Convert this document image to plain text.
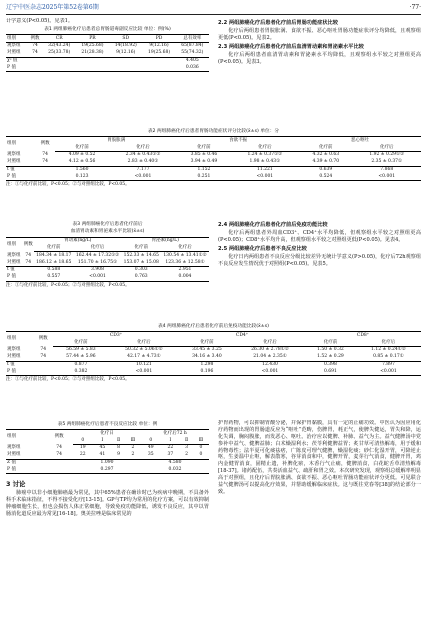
辽宁中医杂志2025年第52卷第6期	·77·

计学意义(P<0.05)。见表1。

表1 两组肺癌化疗后患者总胃肠道毒副反应比较 单位：例(%)
组别	例数	CR	PR	SD	PD	总有效率
观察组	74	32(43.24)	19(25.68)	14(18.92)	9(12.16)	65(87.84)
对照组	74	25(33.78)	21(28.38)	9(12.16)	19(25.68)	55(74.32)
χ² 值						4.405
P 值						0.036

2.2 两组肺癌化疗后患者化疗前后胃肠功能症状比较

化疗后两组患者胃脘胀满、食欲不振、恶心呕吐胃肠功能症状评分均降低，且观察组更低(P<0.05)。见表2。

2.3 两组肺癌化疗后患者化疗前后血清胃动素和胃泌素水平比较

化疗后两组患者血清胃动素和胃泌素水平均降低，且观察组水平较之对照组更高(P<0.05)。见表3。

表2 两组肺癌化疗后患者胃肠功能症状评分比较(x̄±s) 单位：分
组别	例数	胃脘胀满		食欲不振		恶心呕吐	
		化疗前	化疗后	化疗前	化疗后	化疗前	化疗后
观察组	74	4.09 ± 0.52	2.34 ± 0.43①②	3.85 ± 0.46	1.24 ± 0.37①②	4.32 ± 0.63	1.92 ± 0.29①②
对照组	74	4.12 ± 0.56	2.83 ± 0.40①	3.94 ± 0.49	1.98 ± 0.43①	4.39 ± 0.70	2.35 ± 0.37①
t 值		1.560	7.177	1.152	11.221	0.639	7.868
P 值		0.123	<0.001	0.251	<0.001	0.524	<0.001
注：①与化疗前比较，P<0.05；②与对照组比较，P<0.05。
表3 两组肺癌化疗后患者化疗前后
血清胃动素和胃泌素水平比较(x̄±s)
组别	例数	胃动素(ng/L)		胃泌素(ng/L)	
		化疗前	化疗后	化疗前	化疗后
观察组	74	184.34 ± 18.17	162.44 ± 17.32①②	152.33 ± 14.65	130.54 ± 13.41①②
对照组	74	186.12 ± 18.65	151.70 ± 16.75①	153.07 ± 15.08	123.36 ± 12.58①
t 值		0.588	3.908	0.303	2.951
P 值		0.557	<0.001	0.763	0.004
注：①与化疗前比较，P<0.05；②与对照组比较，P<0.05。

2.4 两组肺癌化疗后患者化疗前后免疫功能比较

化疗后两组患者外周血CD3⁺、CD4⁺水平均降低，但观察组水平较之对照组更高(P<0.05)；CD8⁺水平均升高，但观察组水平较之对照组更低(P<0.05)。见表4。

2.5 两组肺癌化疗后患者不良反应比较

化疗日内两组患者不良反应分级比较差异无统计学意义(P>0.05)，化疗后72h观察组不良反应发生情况优于对照组(P<0.05)。见表5。

表4 两组肺癌化疗后患者化疗前后免疫功能比较(x̄±s)
组别	例数	CD3⁺		CD4⁺		CD8⁺	
		化疗前	化疗后	化疗前	化疗后	化疗前	化疗后
观察组	74	56.59 ± 5.83	50.32 ± 5.06①②	33.45 ± 3.25	26.30 ± 2.78①②	1.50 ± 0.32	1.12 ± 0.24①②
对照组	74	57.44 ± 5.96	42.17 ± 4.73①	34.16 ± 3.40	21.04 ± 2.35①	1.52 ± 0.29	0.85 ± 0.17①
t 值		0.877	10.121	1.298	12.430	0.398	7.897
P 值		0.382	<0.001	0.196	<0.001	0.691	<0.001
注：①与化疗前比较，P<0.05；②与对照组比较，P<0.05。
表5 两组肺癌化疗后患者不良反应比较 单位：例
组别	例数	化疗日				化疗后72 h			
		0	Ⅰ	Ⅱ	Ⅲ	0	Ⅰ	Ⅱ	Ⅲ
观察组	74	19	45	8	2	49	22	3	0
对照组	74	22	41	9	2	35	37	2	0
Z 值		1.090				4.580			
P 值		0.297				0.032			

3 讨论

肺癌中以非小细胞肺癌最为常见，其中65%患者在确诊时已为疾病中晚期，不具备外科手术临床指征，不得不接受化疗[13-15]。GP与TP均为常用的化疗方案，可以有效抑制肿瘤细胞生长，但也会损伤人体正常细胞，导致免疫功能降低，诱发不良反应，其中以胃肠消化道反应最为常见[16-18]。奥美拉唑是临床常见的

护胃药物，可以抑制胃酸分泌，并保护胃黏膜，具有一定的止痛功效。中医认为因应用化疗药物而出现的胃肠道反应为“呕吐”范畴，伤脾胃，耗正气，使脾失健运，胃失和降，运化失调，胸闷腹胀，而发恶心、呕吐。治疗应以健脾、补肺、益气为主。益气健脾汤中党参补中益气、健脾益肺；白术燥湿利水；茯苓利健脾益胃；炙甘草可清热解毒，用于缓和药物毒性；法半夏可化痰祛痞，广陈皮可理气健脾，燥湿化痰；砂仁化湿开胃，可降逆止呕，生姜温中止呕，解表散寒，谷芽消食和中，健脾开胃，麦芽行气消食，健脾开胃，鸡内金健胃消食，固精止遗，补脾化瘀，木香行气止痛，健脾消食，白花蛇舌草清热解毒[18-37]。诸药配伍，共奏活血益气、疏肝和胃之效。本次研究发现，观察组总缓解率明显高于对照组，且化疗后胃脘胀满、食欲不振、恶心呕吐胃肠功能症状评分更低。可见联合益气健脾汤可以提高化疗效果，并帮助缓解临床症状。这与既往党春等[38]的结论部分一致。
